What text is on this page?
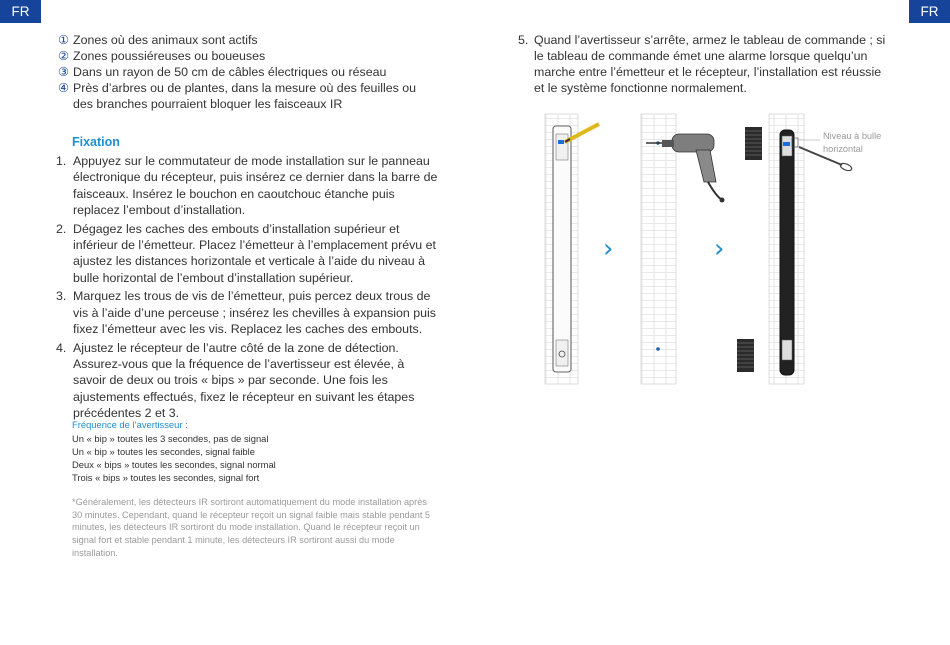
FR	FR
① Zones où des animaux sont actifs
② Zones poussiéreuses ou boueuses
③ Dans un rayon de 50 cm de câbles électriques ou réseau
④ Près d’arbres ou de plantes, dans la mesure où des feuilles ou des branches pourraient bloquer les faisceaux IR
Fixation
1. Appuyez sur le commutateur de mode installation sur le panneau électronique du récepteur, puis insérez ce dernier dans la barre de faisceaux. Insérez le bouchon en caoutchouc étanche puis replacez l’embout d’installation.
2. Dégagez les caches des embouts d’installation supérieur et inférieur de l’émetteur. Placez l’émetteur à l’emplacement prévu et ajustez les distances horizontale et verticale à l’aide du niveau à bulle horizontal de l’embout d’installation supérieur.
3. Marquez les trous de vis de l’émetteur, puis percez deux trous de vis à l’aide d’une perceuse ; insérez les chevilles à expansion puis fixez l’émetteur avec les vis. Replacez les caches des embouts.
4. Ajustez le récepteur de l’autre côté de la zone de détection. Assurez-vous que la fréquence de l’avertisseur est élevée, à savoir de deux ou trois « bips » par seconde. Une fois les ajustements effectués, fixez le récepteur en suivant les étapes précédentes 2 et 3.
Fréquence de l’avertisseur :
Un « bip » toutes les 3 secondes, pas de signal
Un « bip » toutes les secondes, signal faible
Deux « bips » toutes les secondes, signal normal
Trois « bips » toutes les secondes, signal fort

*Généralement, les détecteurs IR sortiront automatiquement du mode installation après 30 minutes. Cependant, quand le récepteur reçoit un signal faible mais stable pendant 5 minutes, les détecteurs IR sortiront du mode installation. Quand le récepteur reçoit un signal fort et stable pendant 1 minute, les détecteurs IR sortiront aussi du mode installation.

5. Quand l’avertisseur s’arrête, armez le tableau de commande ; si le tableau de commande émet une alarme lorsque quelqu’un marche entre l’émetteur et le récepteur, l’installation est réussie et le système fonctionne normalement.
›	›
Niveau à bulle horizontal
